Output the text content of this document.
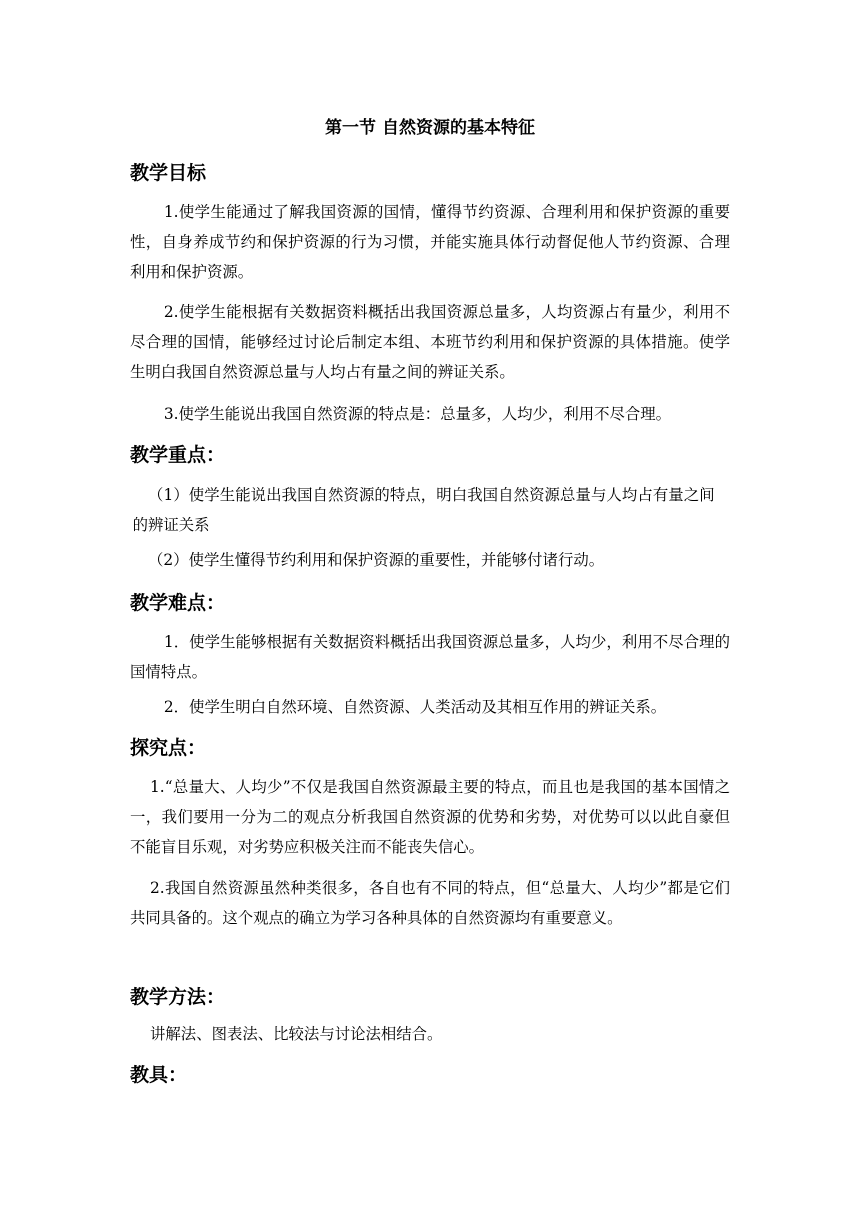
第一节 自然资源的基本特征
教学目标

1.使学生能通过了解我国资源的国情，懂得节约资源、合理利用和保护资源的重要性，自身养成节约和保护资源的行为习惯，并能实施具体行动督促他人节约资源、合理利用和保护资源。

2.使学生能根据有关数据资料概括出我国资源总量多，人均资源占有量少，利用不尽合理的国情，能够经过讨论后制定本组、本班节约利用和保护资源的具体措施。使学生明白我国自然资源总量与人均占有量之间的辨证关系。

3.使学生能说出我国自然资源的特点是：总量多，人均少，利用不尽合理。

教学重点：

（1）使学生能说出我国自然资源的特点，明白我国自然资源总量与人均占有量之间的辨证关系

（2）使学生懂得节约利用和保护资源的重要性，并能够付诸行动。

教学难点：

1．使学生能够根据有关数据资料概括出我国资源总量多，人均少，利用不尽合理的国情特点。

2．使学生明白自然环境、自然资源、人类活动及其相互作用的辨证关系。

探究点：

1.“总量大、人均少”不仅是我国自然资源最主要的特点，而且也是我国的基本国情之一，我们要用一分为二的观点分析我国自然资源的优势和劣势，对优势可以以此自豪但不能盲目乐观，对劣势应积极关注而不能丧失信心。

2.我国自然资源虽然种类很多，各自也有不同的特点，但“总量大、人均少”都是它们共同具备的。这个观点的确立为学习各种具体的自然资源均有重要意义。

教学方法：

讲解法、图表法、比较法与讨论法相结合。

教具：
